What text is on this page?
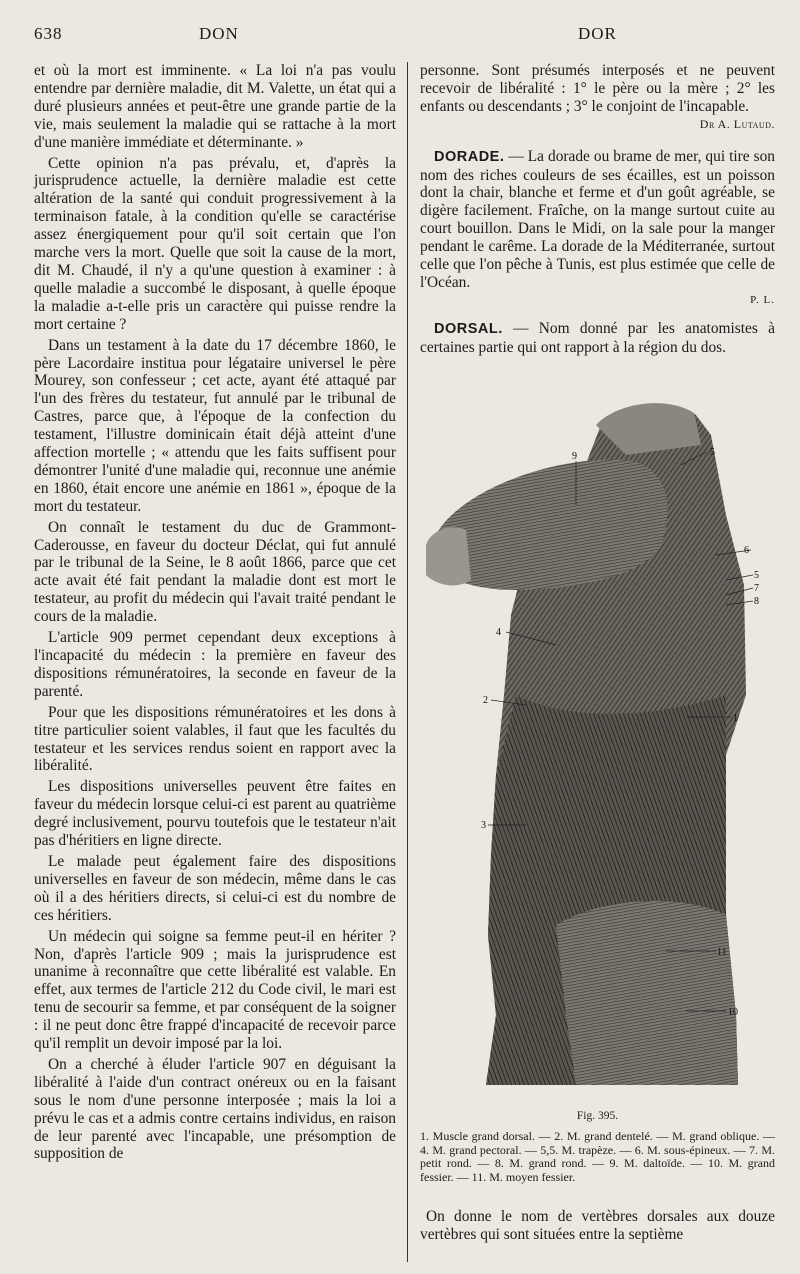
638	DON	DOR

et où la mort est imminente. « La loi n'a pas voulu entendre par dernière maladie, dit M. Valette, un état qui a duré plusieurs années et peut-être une grande partie de la vie, mais seulement la maladie qui se rattache à la mort d'une manière immédiate et déterminante. »

Cette opinion n'a pas prévalu, et, d'après la jurisprudence actuelle, la dernière maladie est cette altération de la santé qui conduit progressivement à la terminaison fatale, à la condition qu'elle se caractérise assez énergiquement pour qu'il soit certain que l'on marche vers la mort. Quelle que soit la cause de la mort, dit M. Chaudé, il n'y a qu'une question à examiner : à quelle maladie a succombé le disposant, à quelle époque la maladie a-t-elle pris un caractère qui puisse rendre la mort certaine ?

Dans un testament à la date du 17 décembre 1860, le père Lacordaire institua pour légataire universel le père Mourey, son confesseur ; cet acte, ayant été attaqué par l'un des frères du testateur, fut annulé par le tribunal de Castres, parce que, à l'époque de la confection du testament, l'illustre dominicain était déjà atteint d'une affection mortelle ; « attendu que les faits suffisent pour démontrer l'unité d'une maladie qui, reconnue une anémie en 1860, était encore une anémie en 1861 », époque de la mort du testateur.

On connaît le testament du duc de Grammont-Caderousse, en faveur du docteur Déclat, qui fut annulé par le tribunal de la Seine, le 8 août 1866, parce que cet acte avait été fait pendant la maladie dont est mort le testateur, au profit du médecin qui l'avait traité pendant le cours de la maladie.

L'article 909 permet cependant deux exceptions à l'incapacité du médecin : la première en faveur des dispositions rémunératoires, la seconde en faveur de la parenté.

Pour que les dispositions rémunératoires et les dons à titre particulier soient valables, il faut que les facultés du testateur et les services rendus soient en rapport avec la libéralité.

Les dispositions universelles peuvent être faites en faveur du médecin lorsque celui-ci est parent au quatrième degré inclusivement, pourvu toutefois que le testateur n'ait pas d'héritiers en ligne directe.

Le malade peut également faire des dispositions universelles en faveur de son médecin, même dans le cas où il a des héritiers directs, si celui-ci est du nombre de ces héritiers.

Un médecin qui soigne sa femme peut-il en hériter ? Non, d'après l'article 909 ; mais la jurisprudence est unanime à reconnaître que cette libéralité est valable. En effet, aux termes de l'article 212 du Code civil, le mari est tenu de secourir sa femme, et par conséquent de la soigner : il ne peut donc être frappé d'incapacité de recevoir parce qu'il remplit un devoir imposé par la loi.

On a cherché à éluder l'article 907 en déguisant la libéralité à l'aide d'un contract onéreux ou en la faisant sous le nom d'une personne interposée ; mais la loi a prévu le cas et a admis contre certains individus, en raison de leur parenté avec l'incapable, une présomption de supposition de

personne. Sont présumés interposés et ne peuvent recevoir de libéralité : 1° le père ou la mère ; 2° les enfants ou descendants ; 3° le conjoint de l'incapable.
Dr A. Lutaud.

DORADE. — La dorade ou brame de mer, qui tire son nom des riches couleurs de ses écailles, est un poisson dont la chair, blanche et ferme et d'un goût agréable, se digère facilement. Fraîche, on la mange surtout cuite au court bouillon. Dans le Midi, on la sale pour la manger pendant le carême. La dorade de la Méditerranée, surtout celle que l'on pêche à Tunis, est plus estimée que celle de l'Océan.
P. L.

DORSAL. — Nom donné par les anatomistes à certaines partie qui ont rapport à la région du dos.

9	5
6
5
7
8
4
2
1
3
11
10
BLAISE.SC
Fig. 395.
1. Muscle grand dorsal. — 2. M. grand dentelé. — M. grand oblique. — 4. M. grand pectoral. — 5,5. M. trapèze. — 6. M. sous-épineux. — 7. M. petit rond. — 8. M. grand rond. — 9. M. daltoïde. — 10. M. grand fessier. — 11. M. moyen fessier.
On donne le nom de vertèbres dorsales aux douze vertèbres qui sont situées entre la septième
